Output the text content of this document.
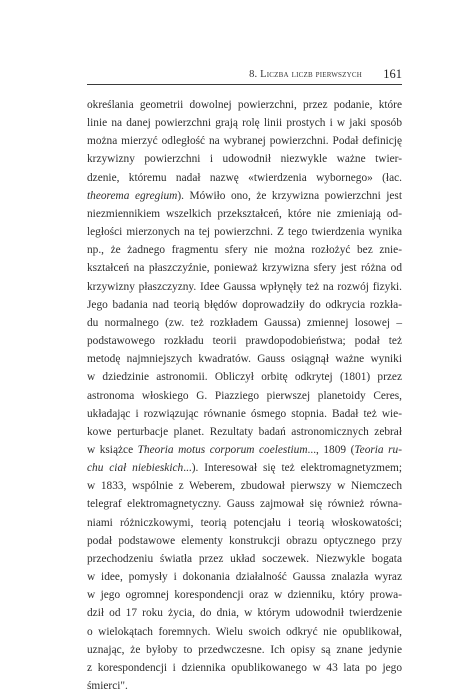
8. Liczba liczb pierwszych 161
określania geometrii dowolnej powierzchni, przez podanie, które
linie na danej powierzchni grają rolę linii prostych i w jaki sposób
można mierzyć odległość na wybranej powierzchni. Podał definicję
krzywizny powierzchni i udowodnił niezwykle ważne twier-
dzenie, któremu nadał nazwę «twierdzenia wybornego» (łac.
theorema egregium). Mówiło ono, że krzywizna powierzchni jest
niezmiennikiem wszelkich przekształceń, które nie zmieniają od-
ległości mierzonych na tej powierzchni. Z tego twierdzenia wynika
np., że żadnego fragmentu sfery nie można rozłożyć bez znie-
kształceń na płaszczyźnie, ponieważ krzywizna sfery jest różna od
krzywizny płaszczyzny. Idee Gaussa wpłynęły też na rozwój fizyki.
Jego badania nad teorią błędów doprowadziły do odkrycia rozkła-
du normalnego (zw. też rozkładem Gaussa) zmiennej losowej –
podstawowego rozkładu teorii prawdopodobieństwa; podał też
metodę najmniejszych kwadratów. Gauss osiągnął ważne wyniki
w dziedzinie astronomii. Obliczył orbitę odkrytej (1801) przez
astronoma włoskiego G. Piazziego pierwszej planetoidy Ceres,
układając i rozwiązując równanie ósmego stopnia. Badał też wie-
kowe perturbacje planet. Rezultaty badań astronomicznych zebrał
w książce Theoria motus corporum coelestium..., 1809 (Teoria ru-
chu ciał niebieskich...). Interesował się też elektromagnetyzmem;
w 1833, wspólnie z Weberem, zbudował pierwszy w Niemczech
telegraf elektromagnetyczny. Gauss zajmował się również równa-
niami różniczkowymi, teorią potencjału i teorią włoskowatości;
podał podstawowe elementy konstrukcji obrazu optycznego przy
przechodzeniu światła przez układ soczewek. Niezwykle bogata
w idee, pomysły i dokonania działalność Gaussa znalazła wyraz
w jego ogromnej korespondencji oraz w dzienniku, który prowa-
dził od 17 roku życia, do dnia, w którym udowodnił twierdzenie
o wielokątach foremnych. Wielu swoich odkryć nie opublikował,
uznając, że byłoby to przedwczesne. Ich opisy są znane jedynie
z korespondencji i dziennika opublikowanego w 43 lata po jego
śmierci".
